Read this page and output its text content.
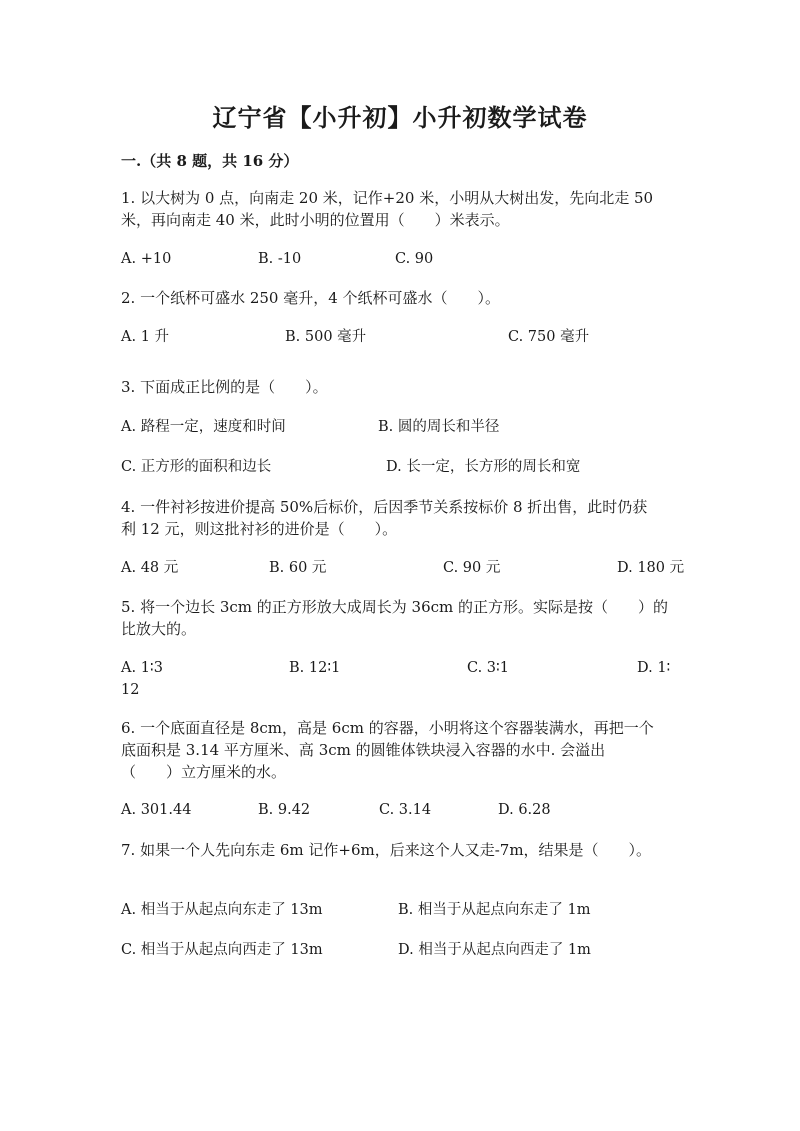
辽宁省【小升初】小升初数学试卷
一.（共 8 题，共 16 分）
1. 以大树为 0 点，向南走 20 米，记作+20 米，小明从大树出发，先向北走 50
米，再向南走 40 米，此时小明的位置用（　　）米表示。
A. +10	B. -10	C. 90
2. 一个纸杯可盛水 250 毫升，4 个纸杯可盛水（　　）。
A. 1 升	B. 500 毫升	C. 750 毫升
3. 下面成正比例的是（　　）。
A. 路程一定，速度和时间	B. 圆的周长和半径
C. 正方形的面积和边长	D. 长一定，长方形的周长和宽
4. 一件衬衫按进价提高 50%后标价，后因季节关系按标价 8 折出售，此时仍获
利 12 元，则这批衬衫的进价是（　　）。
A. 48 元	B. 60 元	C. 90 元	D. 180 元
5. 将一个边长 3cm 的正方形放大成周长为 36cm 的正方形。实际是按（　　）的
比放大的。
A. 1∶3	B. 12∶1	C. 3∶1	D. 1∶
12
6. 一个底面直径是 8cm，高是 6cm 的容器，小明将这个容器装满水，再把一个
底面积是 3.14 平方厘米、高 3cm 的圆锥体铁块浸入容器的水中. 会溢出
（　　）立方厘米的水。
A. 301.44	B. 9.42	C. 3.14	D. 6.28
7. 如果一个人先向东走 6m 记作+6m，后来这个人又走-7m，结果是（　　）。
A. 相当于从起点向东走了 13m	B. 相当于从起点向东走了 1m
C. 相当于从起点向西走了 13m	D. 相当于从起点向西走了 1m
